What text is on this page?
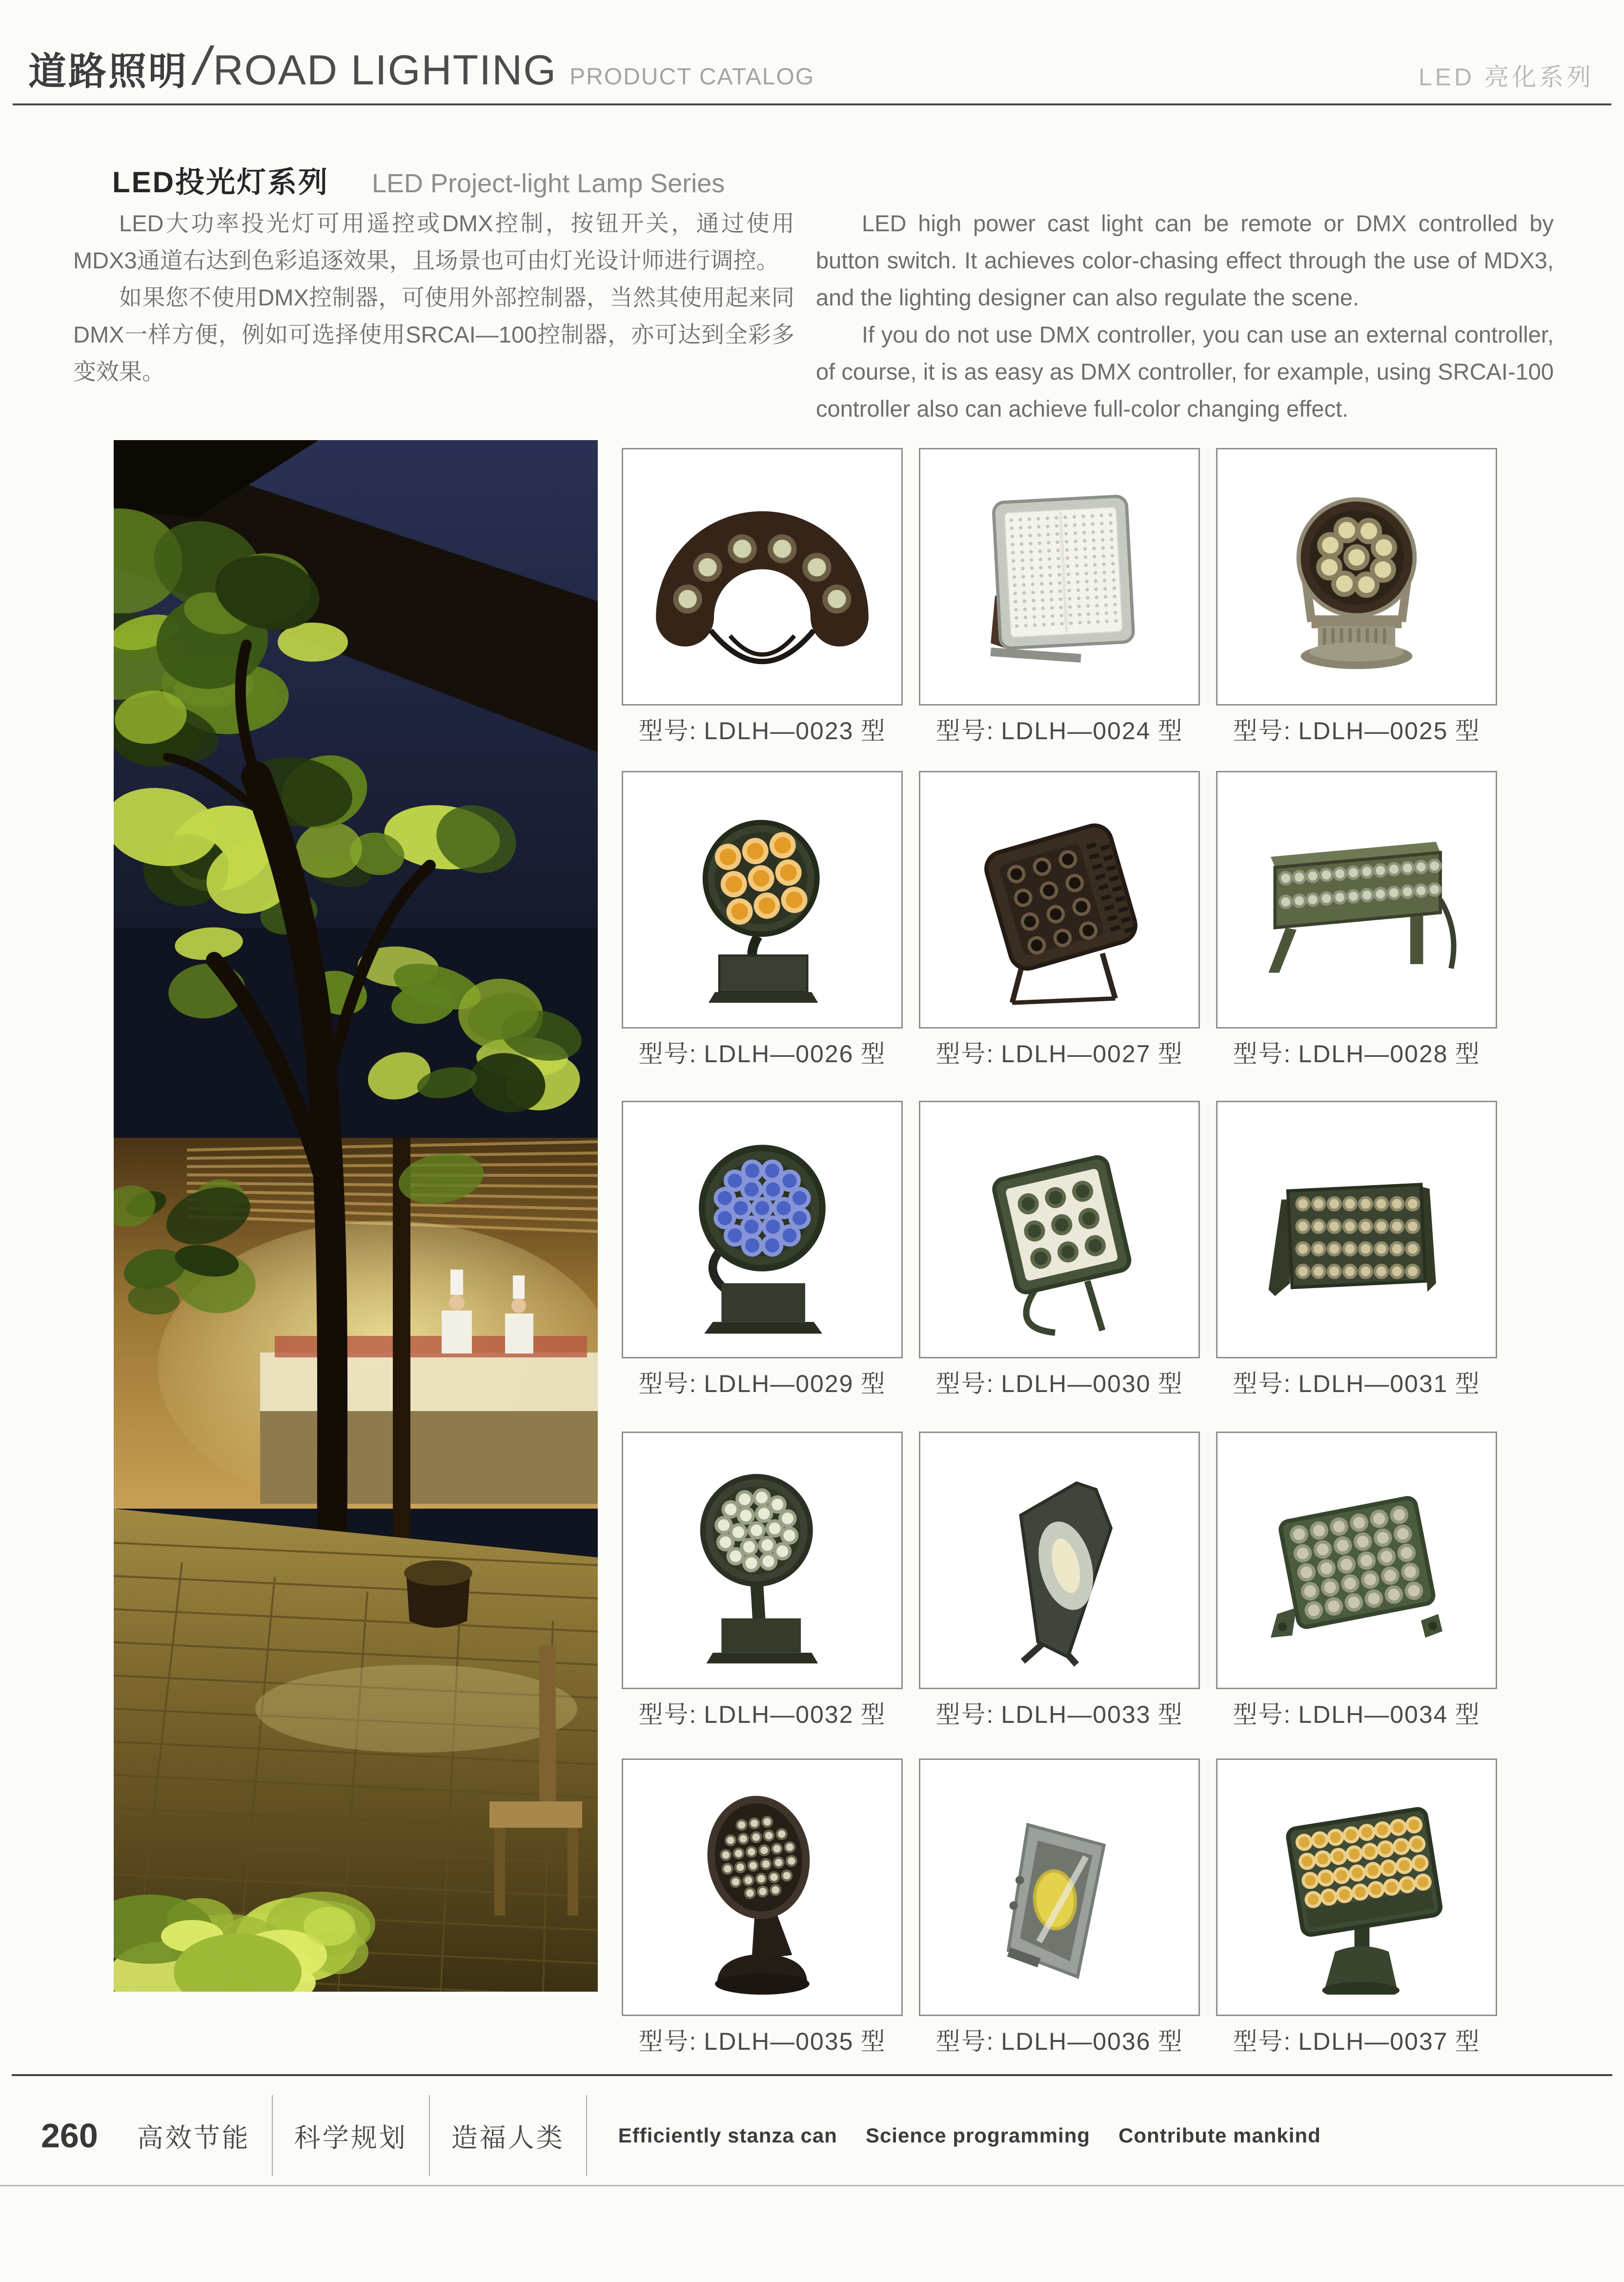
道路照明 /
ROAD LIGHTING PRODUCT CATALOG	LED 亮化系列
LED投光灯系列 LED Project-light Lamp Series

LED大功率投光灯可用遥控或DMX控制，按钮开关，通过使用MDX3通道右达到色彩追逐效果，且场景也可由灯光设计师进行调控。

如果您不使用DMX控制器，可使用外部控制器，当然其使用起来同DMX一样方便，例如可选择使用SRCAI—100控制器，亦可达到全彩多变效果。

LED high power cast light can be remote or DMX controlled by button switch. It achieves color-chasing effect through the use of MDX3, and the lighting designer can also regulate the scene.

If you do not use DMX controller, you can use an external controller, of course, it is as easy as DMX controller, for example, using SRCAI-100 controller also can achieve full-color changing effect.

型号: LDLH—0023 型	型号: LDLH—0024 型	型号: LDLH—0025 型
型号: LDLH—0026 型	型号: LDLH—0027 型	型号: LDLH—0028 型
型号: LDLH—0029 型	型号: LDLH—0030 型	型号: LDLH—0031 型
型号: LDLH—0032 型	型号: LDLH—0033 型	型号: LDLH—0034 型
型号: LDLH—0035 型	型号: LDLH—0036 型	型号: LDLH—0037 型
260	高效节能	科学规划	造福人类	Efficiently stanza can Science programming Contribute mankind
